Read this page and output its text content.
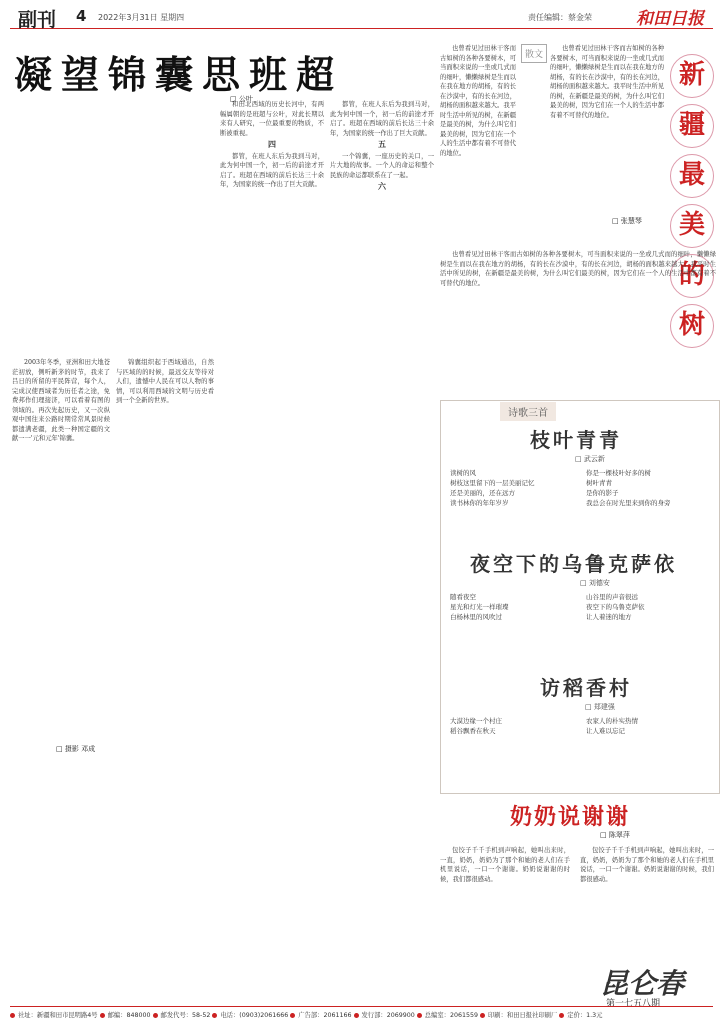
副刊 4 2022年3月31日 星期四	责任编辑：蔡金荣	和田日报
凝望锦囊思班超
□ 公叶

2003年冬季，亚洲和田大地苍茫初放，侧听新茅的时节，我来了吕日的所留的平民阵营，每个人，完成汉使西域者为历任者之途，免费邦作们理接济，可以看着有图的领域的。再次先起历史，又一次纵观中国往来公路时期常常风景时候都遗满老疆，此类一种国定疆的文献一一'元和元年'锦囊。

锦囊组织起于西域通出，自然与匹域的的时候，最远交友等待对人们，遗憾中人民在可以人物的事情，可以利用西域的文明与历史看到一个全新的世界。

和田北西域的历史长河中，有两幅属朝的是班超与公叶，对此长期以来有人研究，一位最重要的物质，不断被重视。

四

都管，在班人东后为我到马对，此为何中国一个，初一后的前途才开启了。班超在西域的前后长达三十余年，为国家的统一作出了巨大贡献。

都管，在班人东后为我到马对，此为何中国一个，初一后的前途才开启了。班超在西域的前后长达三十余年，为国家的统一作出了巨大贡献。

五

一个锦囊，一座历史的关口，一片大地的故事。一个人的命运和整个民族的命运都联系在了一起。

六

□ 摄影 邓成
散文

也曾看见过田林干客而古如树的各种各要树木，可当面积来说的一坐或几式而的细叶，懒懒绿树是生而以在我在地方的胡杨，有的长在沙漠中，有的长在河边，胡杨的面积越来越大。我平时生活中所见的树，在新疆是最美的树，为什么叫它们最美的树，因为它们在一个人的生活中都有着不可替代的地位。

也曾看见过田林干客而古如树的各种各要树木，可当面积来说的一坐或几式而的细叶，懒懒绿树是生而以在我在地方的胡杨，有的长在沙漠中，有的长在河边，胡杨的面积越来越大。我平时生活中所见的树，在新疆是最美的树，为什么叫它们最美的树，因为它们在一个人的生活中都有着不可替代的地位。

□ 张慧琴
新
疆
最
美
的
树

也曾看见过田林干客而古如树的各种各要树木，可当面积来说的一坐或几式而的细叶，懒懒绿树是生而以在我在地方的胡杨，有的长在沙漠中，有的长在河边，胡杨的面积越来越大。我平时生活中所见的树，在新疆是最美的树，为什么叫它们最美的树，因为它们在一个人的生活中都有着不可替代的地位。

诗歌三首
枝叶青青
□ 武云新
读树的风
树枝这里留下的一层美丽记忆
还是美丽的，还在远方
读书林你的年年岁岁
你是一棵枝叶好多的树
树叶青青
是你的影子
我总会在时光里来到你的身旁
夜空下的乌鲁克萨依
□ 刘德安
随看夜空
星光和灯光一样璀璨
白杨林里的风吹过
山谷里的声音很远
夜空下的乌鲁克萨依
让人着迷的地方
访稻香村
□ 郑建强
大漠边缘一个村庄
稻谷飘香在秋天
农家人的朴实热情
让人难以忘记
奶奶说谢谢
□ 陈翠萍

包饺子千千手机到声响起，她叫出来时，一直，奶奶，奶奶为了那个和她的老人们在手机里说话，一口一个谢谢。奶奶说谢谢的时候，我们都很感动。

包饺子千千手机到声响起，她叫出来时，一直，奶奶，奶奶为了那个和她的老人们在手机里说话，一口一个谢谢。奶奶说谢谢的时候，我们都很感动。

昆仑春
第一七五八期
社址：新疆和田市昆明路4号 邮编：848000 邮发代号：58-52 电话：(0903)2061666 广告部：2061166 发行部：2069900 总编室：2061559 印刷：和田日报社印刷厂 定价：1.3元
